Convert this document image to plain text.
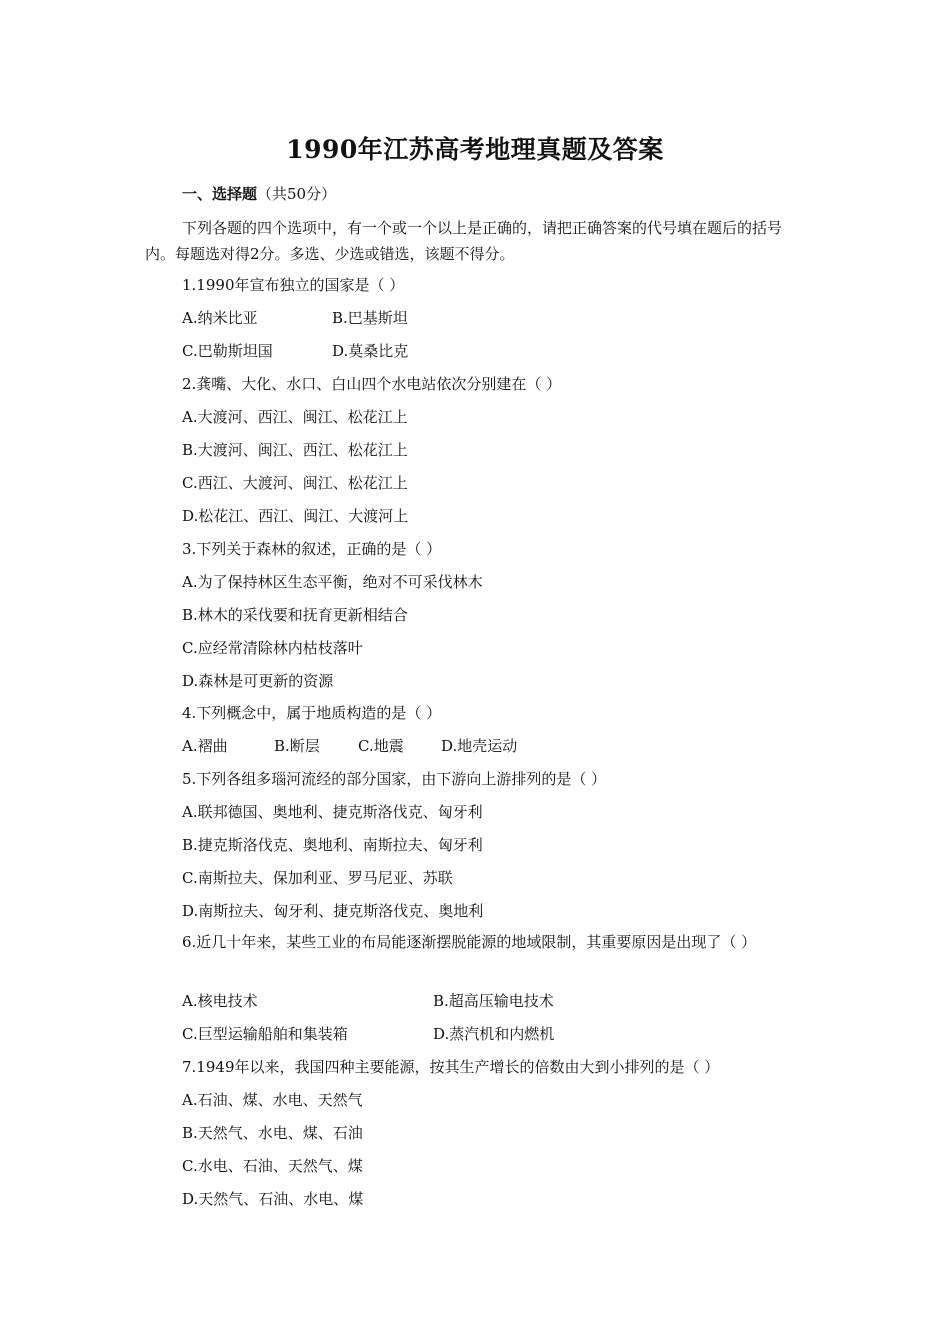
1990年江苏高考地理真题及答案
一、选择题（共50分）
下列各题的四个选项中，有一个或一个以上是正确的，请把正确答案的代号填在题后的括号内。每题选对得2分。多选、少选或错选，该题不得分。
1.1990年宣布独立的国家是（ ）
A.纳米比亚	B.巴基斯坦
C.巴勒斯坦国	D.莫桑比克
2.龚嘴、大化、水口、白山四个水电站依次分别建在（ ）
A.大渡河、西江、闽江、松花江上
B.大渡河、闽江、西江、松花江上
C.西江、大渡河、闽江、松花江上
D.松花江、西江、闽江、大渡河上
3.下列关于森林的叙述，正确的是（ ）
A.为了保持林区生态平衡，绝对不可采伐林木
B.林木的采伐要和抚育更新相结合
C.应经常清除林内枯枝落叶
D.森林是可更新的资源
4.下列概念中，属于地质构造的是（ ）
A.褶曲	B.断层	C.地震 D.地壳运动
5.下列各组多瑙河流经的部分国家，由下游向上游排列的是（ ）
A.联邦德国、奥地利、捷克斯洛伐克、匈牙利
B.捷克斯洛伐克、奥地利、南斯拉夫、匈牙利
C.南斯拉夫、保加利亚、罗马尼亚、苏联
D.南斯拉夫、匈牙利、捷克斯洛伐克、奥地利
6.近几十年来，某些工业的布局能逐渐摆脱能源的地域限制，其重要原因是出现了（ ）
A.核电技术	B.超高压输电技术
C.巨型运输船舶和集装箱	D.蒸汽机和内燃机
7.1949年以来，我国四种主要能源，按其生产增长的倍数由大到小排列的是（ ）
A.石油、煤、水电、天然气
B.天然气、水电、煤、石油
C.水电、石油、天然气、煤
D.天然气、石油、水电、煤
